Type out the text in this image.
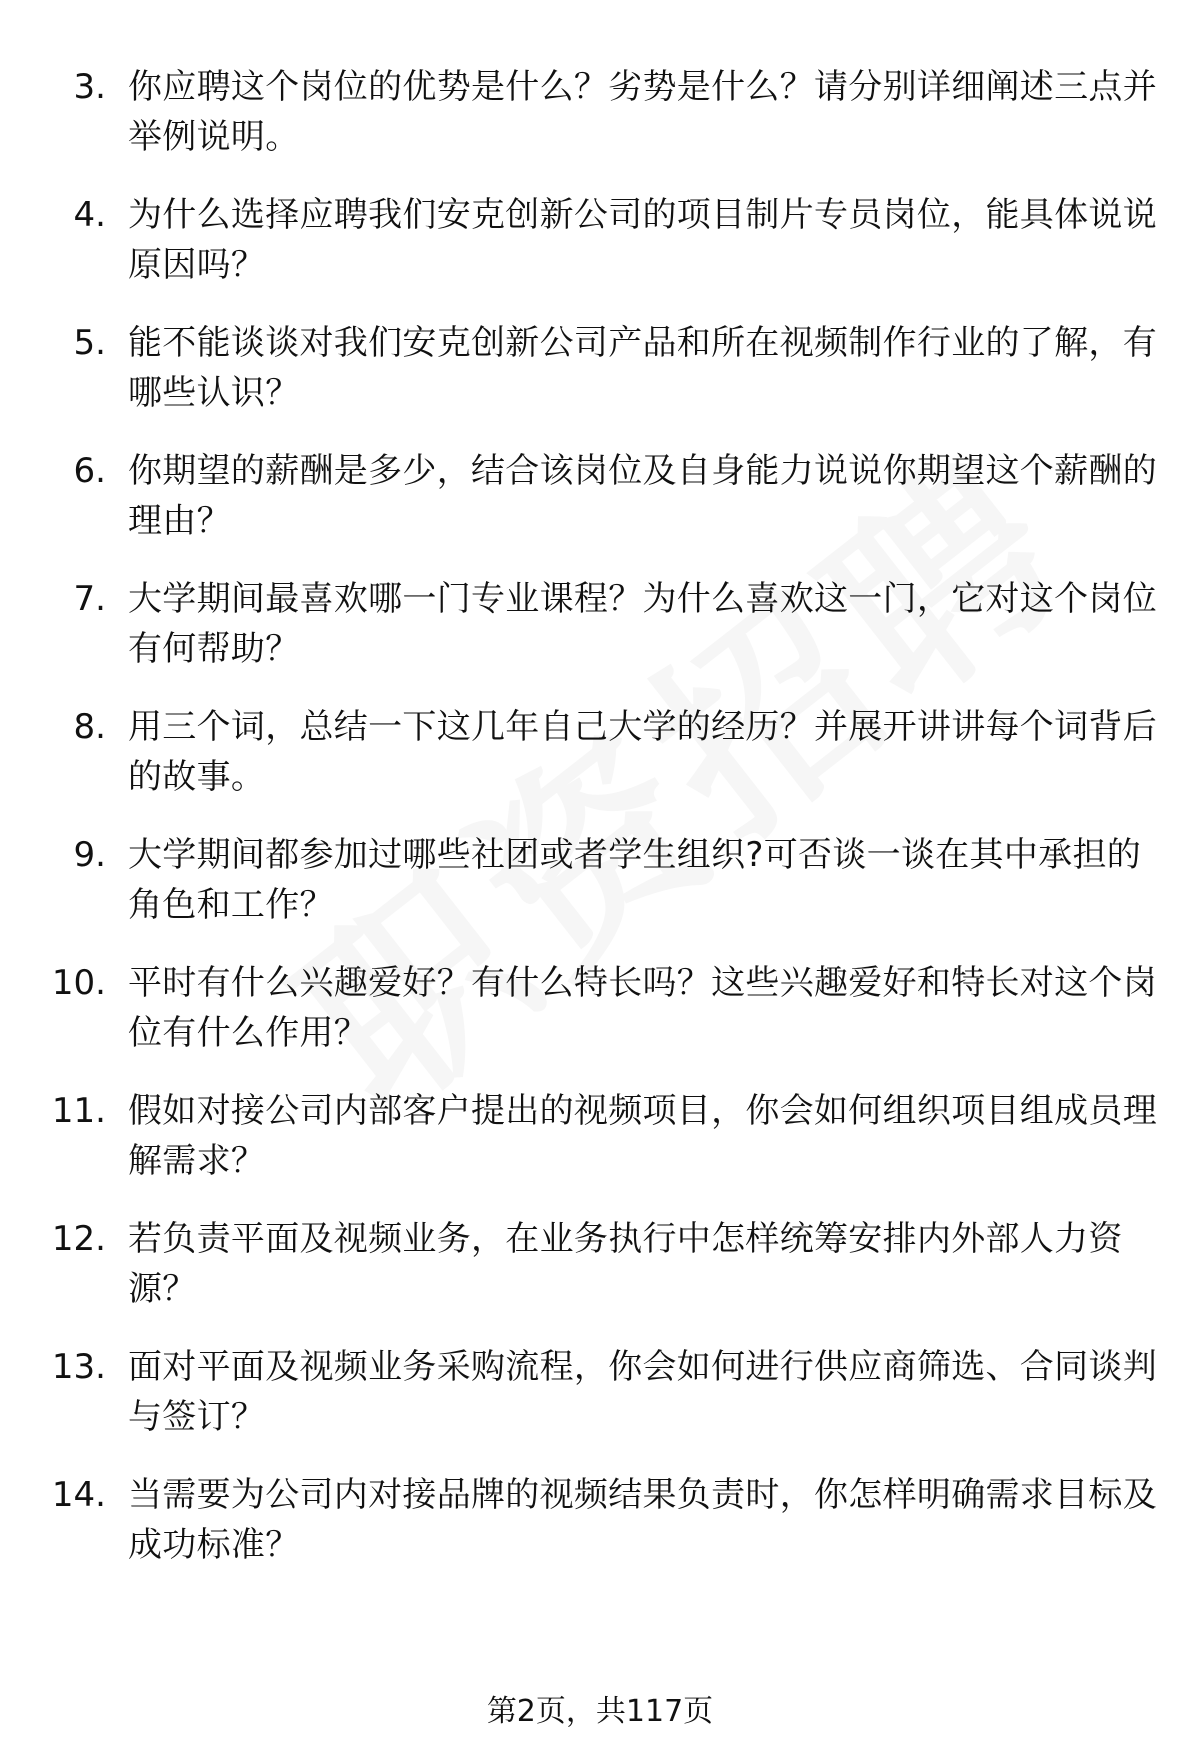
3. 你应聘这个岗位的优势是什么？劣势是什么？请分别详细阐述三点并举例说明。
4. 为什么选择应聘我们安克创新公司的项目制片专员岗位，能具体说说原因吗？
5. 能不能谈谈对我们安克创新公司产品和所在视频制作行业的了解，有哪些认识？
6. 你期望的薪酬是多少，结合该岗位及自身能力说说你期望这个薪酬的理由？
7. 大学期间最喜欢哪一门专业课程？为什么喜欢这一门，它对这个岗位有何帮助？
8. 用三个词，总结一下这几年自己大学的经历？并展开讲讲每个词背后的故事。
9. 大学期间都参加过哪些社团或者学生组织?可否谈一谈在其中承担的角色和工作？
10. 平时有什么兴趣爱好？有什么特长吗？这些兴趣爱好和特长对这个岗位有什么作用？
11. 假如对接公司内部客户提出的视频项目，你会如何组织项目组成员理解需求？
12. 若负责平面及视频业务，在业务执行中怎样统筹安排内外部人力资源？
13. 面对平面及视频业务采购流程，你会如何进行供应商筛选、合同谈判与签订？
14. 当需要为公司内对接品牌的视频结果负责时，你怎样明确需求目标及成功标准？
第2页，共117页
